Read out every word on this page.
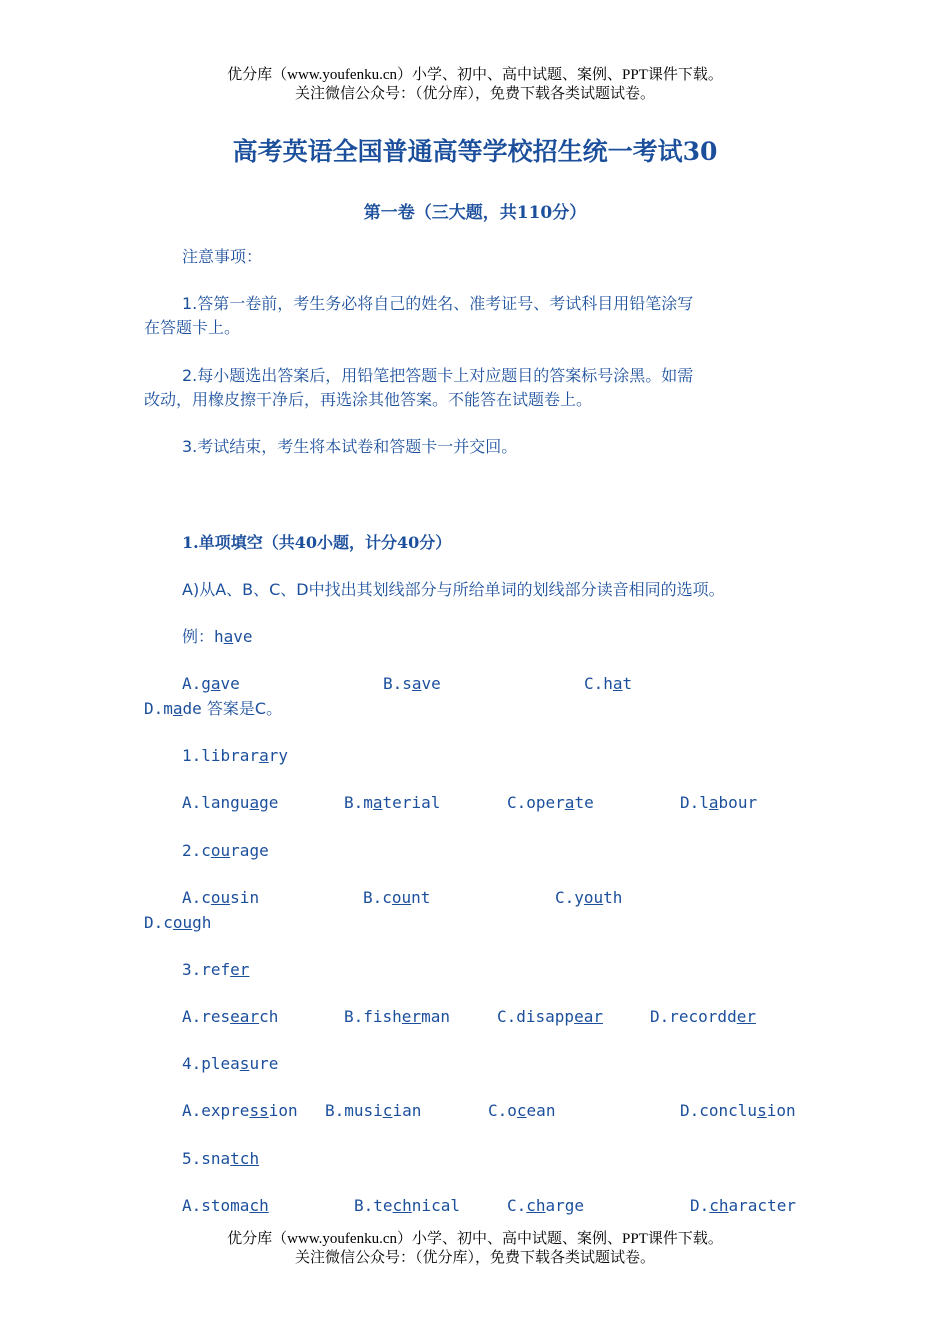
优分库（www.youfenku.cn）小学、初中、高中试题、案例、PPT课件下载。
关注微信公众号：（优分库），免费下载各类试题试卷。
高考英语全国普通高等学校招生统一考试30
第一卷（三大题，共110分）
注意事项：
1.答第一卷前，考生务必将自己的姓名、准考证号、考试科目用铅笔涂写
在答题卡上。
2.每小题选出答案后，用铅笔把答题卡上对应题目的答案标号涂黑。如需
改动，用橡皮擦干净后，再选涂其他答案。不能答在试题卷上。
3.考试结束，考生将本试卷和答题卡一并交回。
1.单项填空（共40小题，计分40分）
A)从A、B、C、D中找出其划线部分与所给单词的划线部分读音相同的选项。
例：have
A.gave	B.save	C.hat
D.made 答案是C。
1.librarary
A.language	B.material	C.operate	D.labour
2.courage
A.cousin	B.count	C.youth
D.cough
3.refer
A.research	B.fisherman	C.disappear	D.recordder
4.pleasure
A.expression B.musician	C.ocean	D.conclusion
5.snatch
A.stomach	B.technical	C.charge	D.character
优分库（www.youfenku.cn）小学、初中、高中试题、案例、PPT课件下载。
关注微信公众号：（优分库），免费下载各类试题试卷。
